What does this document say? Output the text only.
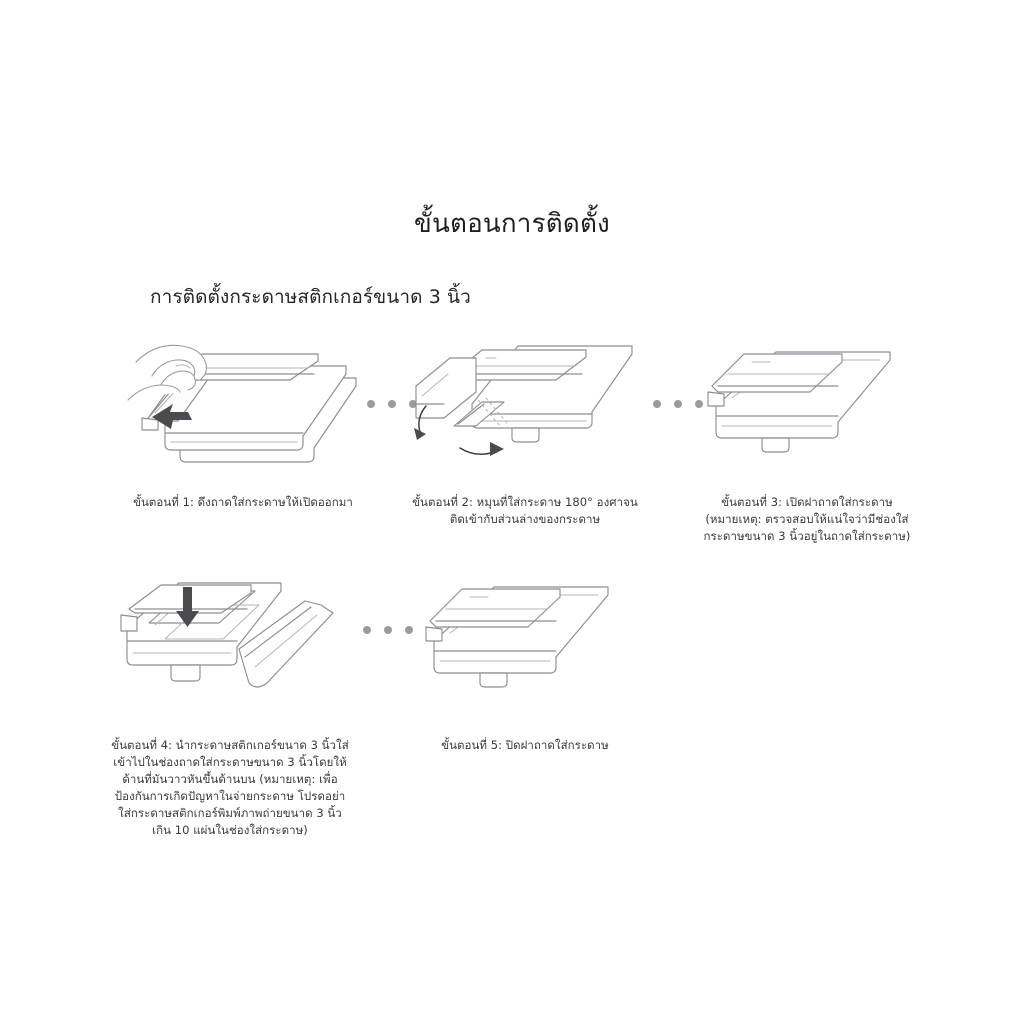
ขั้นตอนการติดตั้ง
การติดตั้งกระดาษสติกเกอร์ขนาด 3 นิ้ว
ขั้นตอนที่ 1: ดึงถาดใส่กระดาษให้เปิดออกมา	ขั้นตอนที่ 2: หมุนที่ใส่กระดาษ 180° องศาจน
ติดเข้ากับส่วนล่างของกระดาษ
ขั้นตอนที่ 3: เปิดฝาถาดใส่กระดาษ
(หมายเหตุ: ตรวจสอบให้แน่ใจว่ามีช่องใส่
กระดาษขนาด 3 นิ้วอยู่ในถาดใส่กระดาษ)
ขั้นตอนที่ 4: นำกระดาษสติกเกอร์ขนาด 3 นิ้วใส่
เข้าไปในช่องถาดใส่กระดาษขนาด 3 นิ้วโดยให้
ด้านที่มันวาวหันขึ้นด้านบน (หมายเหตุ: เพื่อ
ป้องกันการเกิดปัญหาในจ่ายกระดาษ โปรดอย่า
ใส่กระดาษสติกเกอร์พิมพ์ภาพถ่ายขนาด 3 นิ้ว
เกิน 10 แผ่นในช่องใส่กระดาษ)
ขั้นตอนที่ 5: ปิดฝาถาดใส่กระดาษ
